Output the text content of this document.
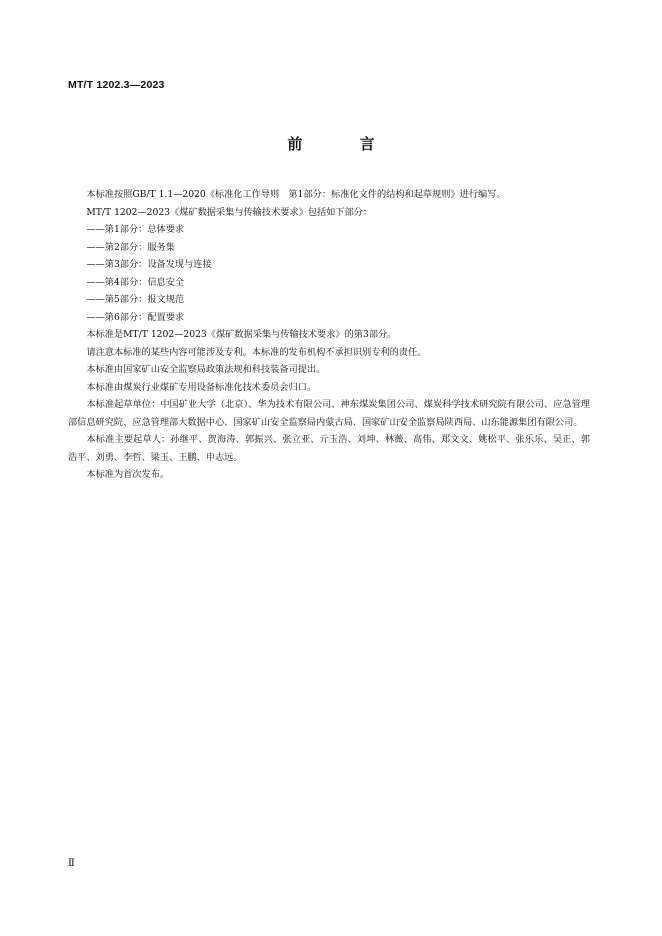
MT/T 1202.3—2023
前 言

本标准按照GB/T 1.1—2020《标准化工作导则　第1部分：标准化文件的结构和起草规则》进行编写。

MT/T 1202—2023《煤矿数据采集与传输技术要求》包括如下部分：

——第1部分：总体要求

——第2部分：服务集

——第3部分：设备发现与连接

——第4部分：信息安全

——第5部分：报文规范

——第6部分：配置要求

本标准是MT/T 1202—2023《煤矿数据采集与传输技术要求》的第3部分。

请注意本标准的某些内容可能涉及专利。本标准的发布机构不承担识别专利的责任。

本标准由国家矿山安全监察局政策法规和科技装备司提出。

本标准由煤炭行业煤矿专用设备标准化技术委员会归口。

本标准起草单位：中国矿业大学（北京）、华为技术有限公司、神东煤炭集团公司、煤炭科学技术研究院有限公司、应急管理部信息研究院、应急管理部大数据中心、国家矿山安全监察局内蒙古局、国家矿山安全监察局陕西局、山东能源集团有限公司。

本标准主要起草人：孙继平、贺海涛、郭振兴、张立亚、亓玉浩、刘坤、林薇、高伟、郑文文、姚松平、张乐乐、吴正、郭浩平、刘勇、李哲、梁玉、王鹏、申志远。

本标准为首次发布。

Ⅱ
